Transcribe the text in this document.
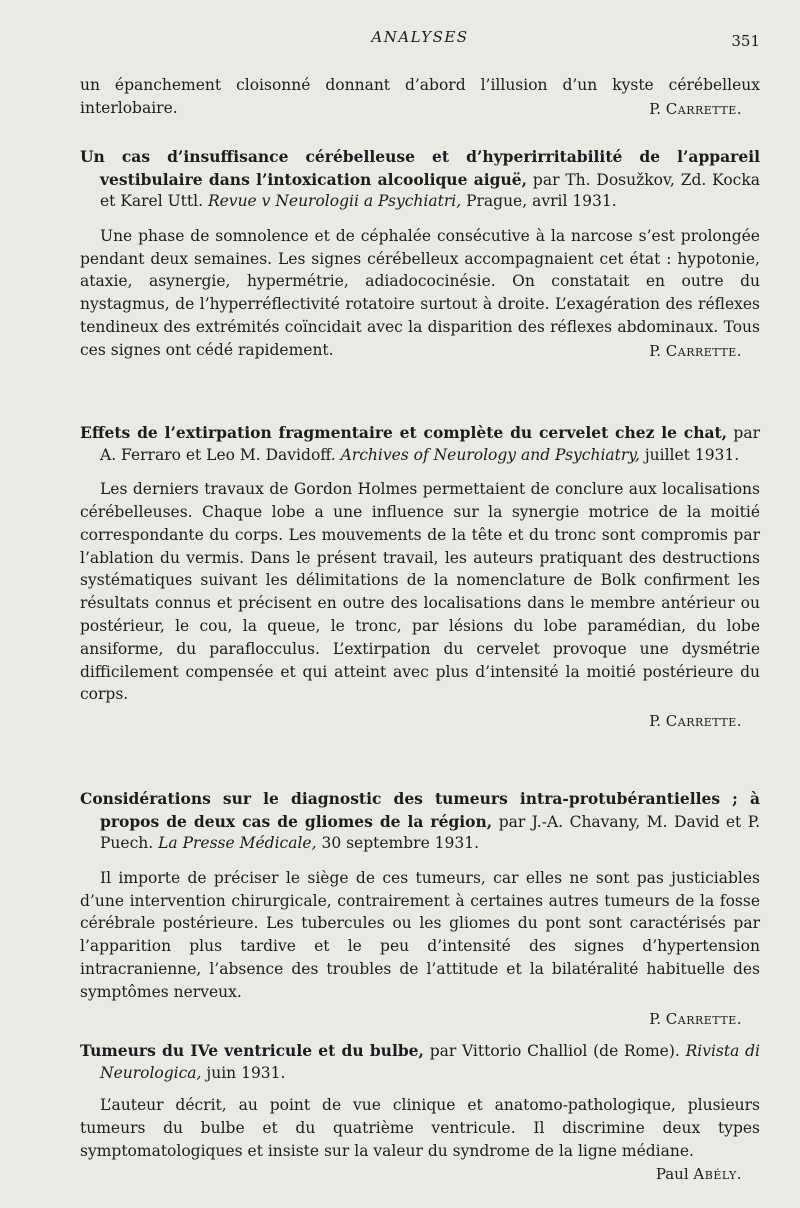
ANALYSES	351

un épanchement cloisonné donnant d’abord l’illusion d’un kyste cérébelleux interlobaire.	P. Carrette.

Un cas d’insuffisance cérébelleuse et d’hyperirritabilité de l’appareil vestibulaire dans l’intoxication alcoolique aiguë, par Th. Dosužkov, Zd. Kocka et Karel Uttl. Revue v Neurologii a Psychiatri, Prague, avril 1931.

Une phase de somnolence et de céphalée consécutive à la narcose s’est prolongée pendant deux semaines. Les signes cérébelleux accompagnaient cet état : hypotonie, ataxie, asynergie, hypermétrie, adiadococinésie. On constatait en outre du nystagmus, de l’hyperréflectivité rotatoire surtout à droite. L’exagération des réflexes tendineux des extrémités coïncidait avec la disparition des réflexes abdominaux. Tous ces signes ont cédé rapidement.	P. Carrette.

Effets de l’extirpation fragmentaire et complète du cervelet chez le chat, par A. Ferraro et Leo M. Davidoff. Archives of Neurology and Psychiatry, juillet 1931.

Les derniers travaux de Gordon Holmes permettaient de conclure aux localisations cérébelleuses. Chaque lobe a une influence sur la synergie motrice de la moitié correspondante du corps. Les mouvements de la tête et du tronc sont compromis par l’ablation du vermis. Dans le présent travail, les auteurs pratiquant des destructions systématiques suivant les délimitations de la nomenclature de Bolk confirment les résultats connus et précisent en outre des localisations dans le membre antérieur ou postérieur, le cou, la queue, le tronc, par lésions du lobe paramédian, du lobe ansiforme, du paraflocculus. L’extirpation du cervelet provoque une dysmétrie difficilement compensée et qui atteint avec plus d’intensité la moitié postérieure du corps.

P. Carrette.

Considérations sur le diagnostic des tumeurs intra-protubérantielles ; à propos de deux cas de gliomes de la région, par J.-A. Chavany, M. David et P. Puech. La Presse Médicale, 30 septembre 1931.

Il importe de préciser le siège de ces tumeurs, car elles ne sont pas justiciables d’une intervention chirurgicale, contrairement à certaines autres tumeurs de la fosse cérébrale postérieure. Les tubercules ou les gliomes du pont sont caractérisés par l’apparition plus tardive et le peu d’intensité des signes d’hypertension intracranienne, l’absence des troubles de l’attitude et la bilatéralité habituelle des symptômes nerveux.

P. Carrette.

Tumeurs du IVe ventricule et du bulbe, par Vittorio Challiol (de Rome). Rivista di Neurologica, juin 1931.

L’auteur décrit, au point de vue clinique et anatomo-pathologique, plusieurs tumeurs du bulbe et du quatrième ventricule. Il discrimine deux types symptomatologiques et insiste sur la valeur du syndrome de la ligne médiane.

Paul Abély.
